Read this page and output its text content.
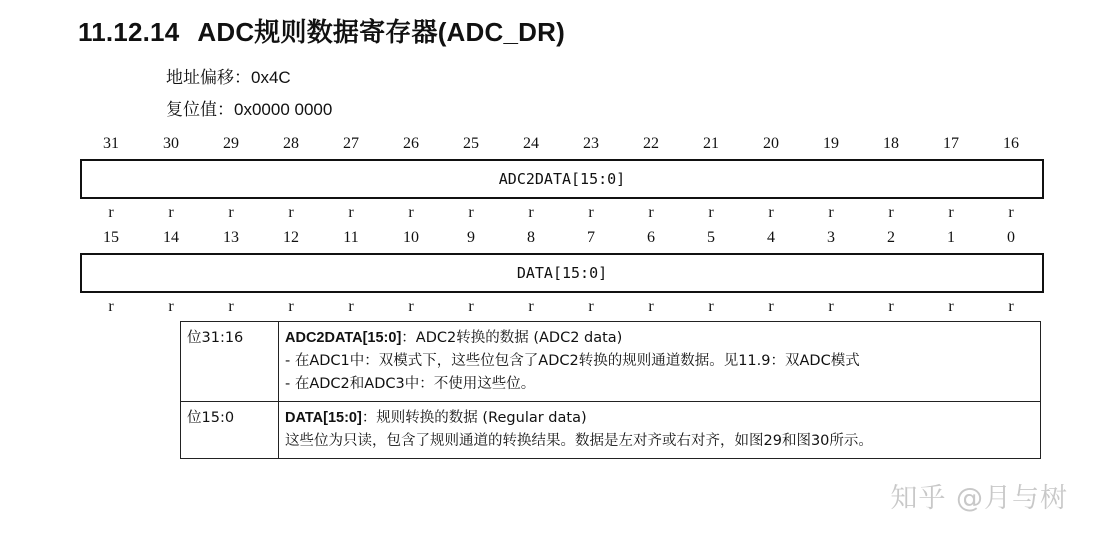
11.12.14 ADC规则数据寄存器(ADC_DR)
地址偏移：0x4C
复位值：0x0000 0000
31	30	29	28	27	26	25	24	23	22	21	20	19	18	17	16
ADC2DATA[15:0]
r	r	r	r	r	r	r	r	r	r	r	r	r	r	r	r
15	14	13	12	11	10	9	8	7	6	5	4	3	2	1	0
DATA[15:0]
r	r	r	r	r	r	r	r	r	r	r	r	r	r	r	r
位31:16	ADC2DATA[15:0]：ADC2转换的数据 (ADC2 data)
- 在ADC1中：双模式下，这些位包含了ADC2转换的规则通道数据。见11.9：双ADC模式
- 在ADC2和ADC3中：不使用这些位。

位15:0	DATA[15:0]：规则转换的数据 (Regular data)
这些位为只读，包含了规则通道的转换结果。数据是左对齐或右对齐，如图29和图30所示。
知乎 @月与树
